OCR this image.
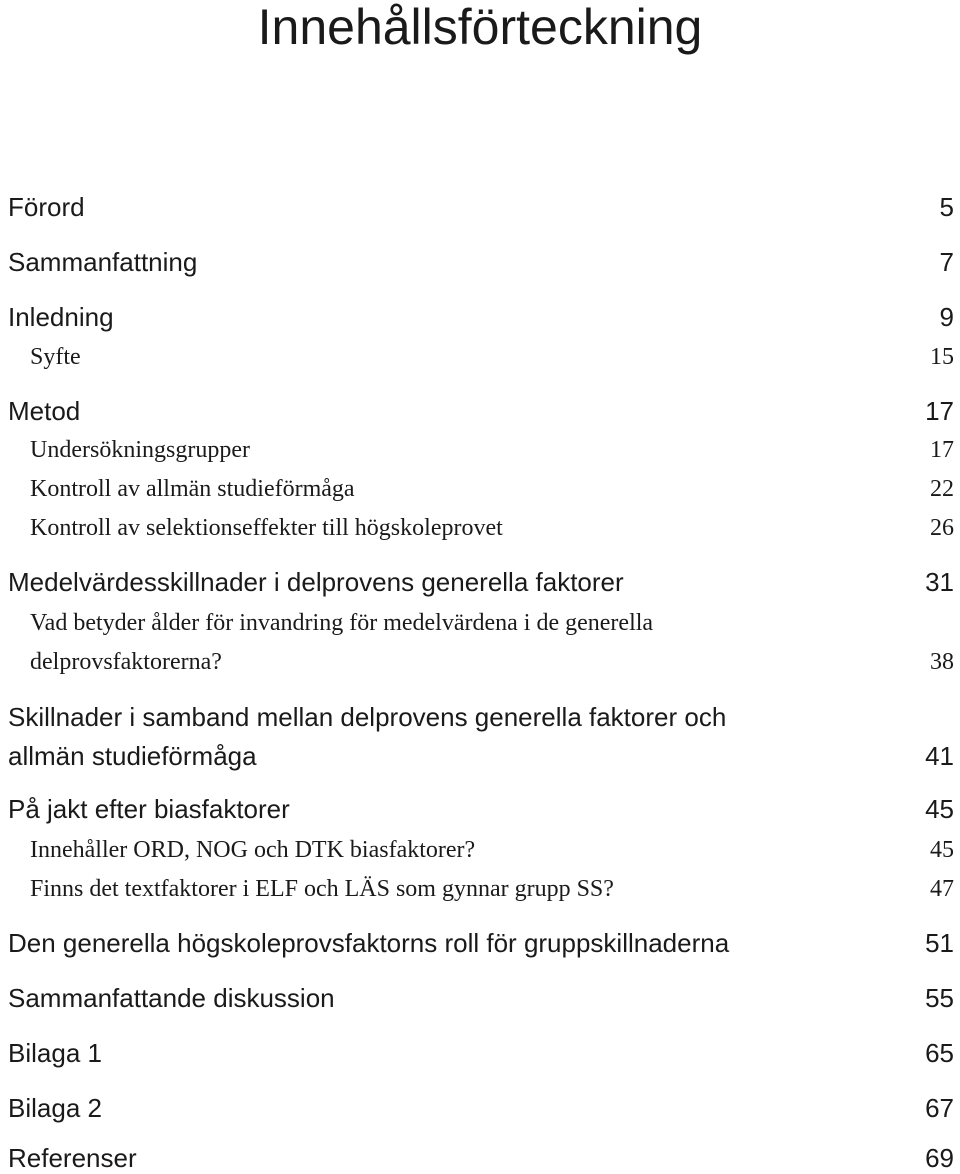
Innehållsförteckning
Förord	5
Sammanfattning	7
Inledning	9
Syfte	15
Metod	17
Undersökningsgrupper	17
Kontroll av allmän studieförmåga	22
Kontroll av selektionseffekter till högskoleprovet	26
Medelvärdesskillnader i delprovens generella faktorer	31
Vad betyder ålder för invandring för medelvärdena i de generella
delprovsfaktorerna?	38
Skillnader i samband mellan delprovens generella faktorer och
allmän studieförmåga	41
På jakt efter biasfaktorer	45
Innehåller ORD, NOG och DTK biasfaktorer?	45
Finns det textfaktorer i ELF och LÄS som gynnar grupp SS?	47
Den generella högskoleprovsfaktorns roll för gruppskillnaderna	51
Sammanfattande diskussion	55
Bilaga 1	65
Bilaga 2	67
Referenser	69
